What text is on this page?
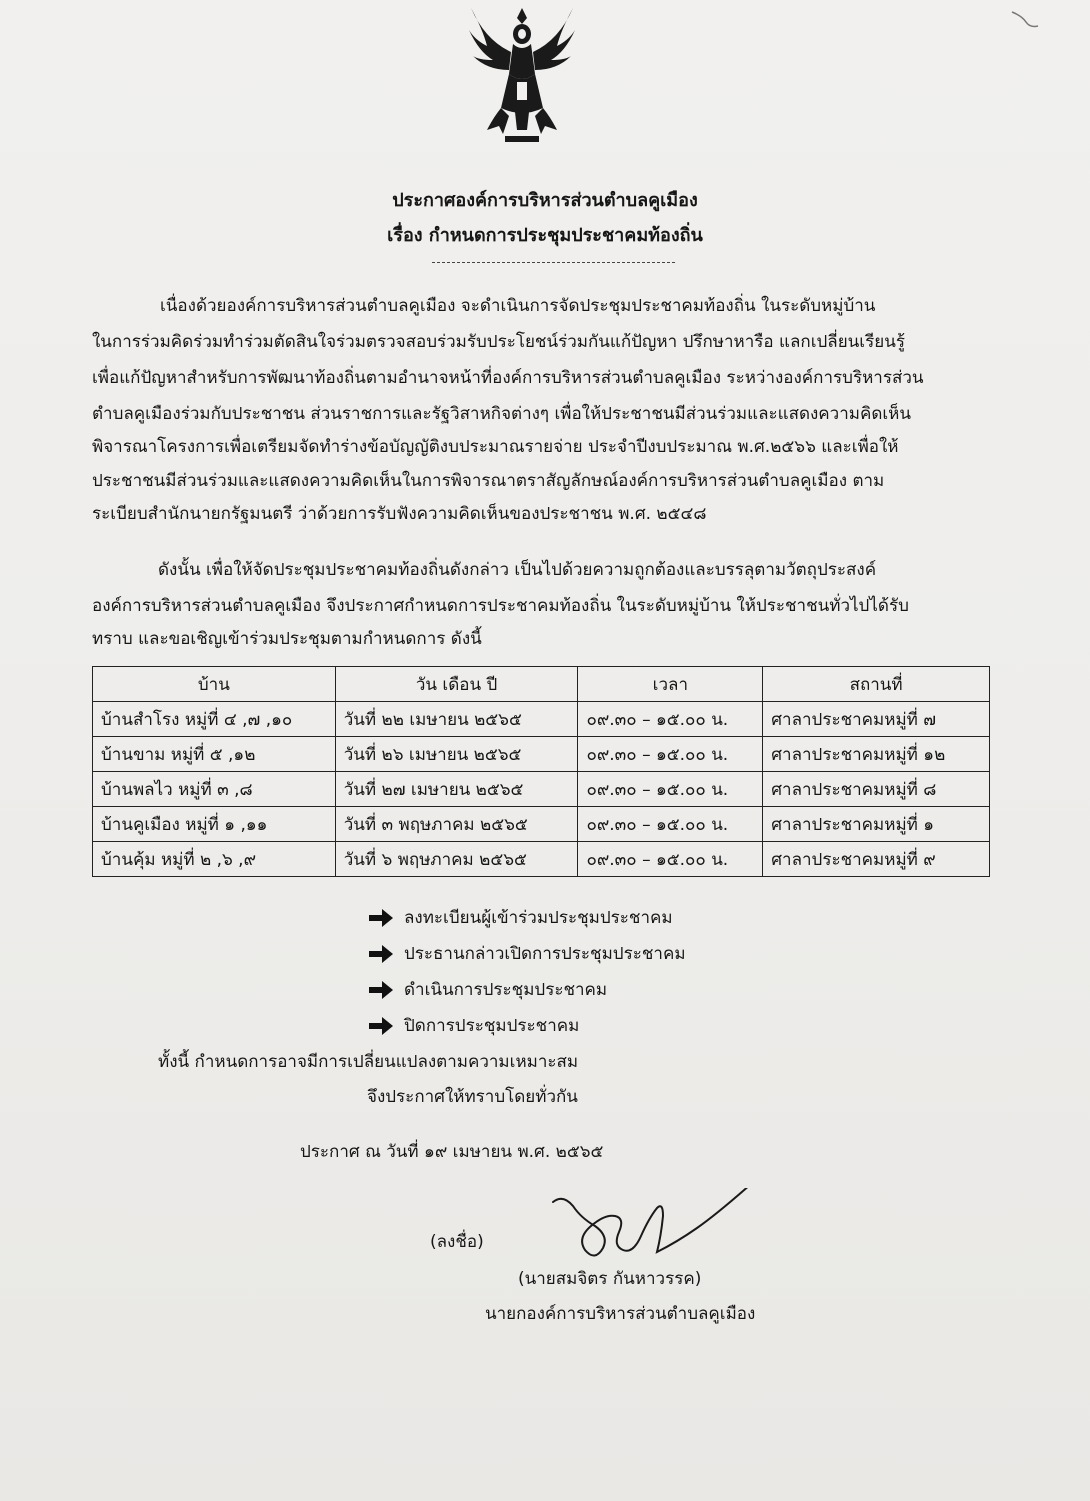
ประกาศองค์การบริหารส่วนตำบลคูเมือง
เรื่อง กำหนดการประชุมประชาคมท้องถิ่น
เนื่องด้วยองค์การบริหารส่วนตำบลคูเมือง จะดำเนินการจัดประชุมประชาคมท้องถิ่น ในระดับหมู่บ้าน
ในการร่วมคิดร่วมทำร่วมตัดสินใจร่วมตรวจสอบร่วมรับประโยชน์ร่วมกันแก้ปัญหา ปรึกษาหารือ แลกเปลี่ยนเรียนรู้
เพื่อแก้ปัญหาสำหรับการพัฒนาท้องถิ่นตามอำนาจหน้าที่องค์การบริหารส่วนตำบลคูเมือง ระหว่างองค์การบริหารส่วน
ตำบลคูเมืองร่วมกับประชาชน ส่วนราชการและรัฐวิสาหกิจต่างๆ เพื่อให้ประชาชนมีส่วนร่วมและแสดงความคิดเห็น
พิจารณาโครงการเพื่อเตรียมจัดทำร่างข้อบัญญัติงบประมาณรายจ่าย ประจำปีงบประมาณ พ.ศ.๒๕๖๖ และเพื่อให้
ประชาชนมีส่วนร่วมและแสดงความคิดเห็นในการพิจารณาตราสัญลักษณ์องค์การบริหารส่วนตำบลคูเมือง ตาม
ระเบียบสำนักนายกรัฐมนตรี ว่าด้วยการรับฟังความคิดเห็นของประชาชน พ.ศ. ๒๕๔๘
ดังนั้น เพื่อให้จัดประชุมประชาคมท้องถิ่นดังกล่าว เป็นไปด้วยความถูกต้องและบรรลุตามวัตถุประสงค์
องค์การบริหารส่วนตำบลคูเมือง จึงประกาศกำหนดการประชาคมท้องถิ่น ในระดับหมู่บ้าน ให้ประชาชนทั่วไปได้รับ
ทราบ และขอเชิญเข้าร่วมประชุมตามกำหนดการ ดังนี้
บ้าน	วัน เดือน ปี	เวลา	สถานที่
บ้านสำโรง หมู่ที่ ๔ ,๗ ,๑๐	วันที่ ๒๒ เมษายน ๒๕๖๕	๐๙.๓๐ – ๑๕.๐๐ น.	ศาลาประชาคมหมู่ที่ ๗
บ้านขาม หมู่ที่ ๕ ,๑๒	วันที่ ๒๖ เมษายน ๒๕๖๕	๐๙.๓๐ – ๑๕.๐๐ น.	ศาลาประชาคมหมู่ที่ ๑๒
บ้านพลไว หมู่ที่ ๓ ,๘	วันที่ ๒๗ เมษายน ๒๕๖๕	๐๙.๓๐ – ๑๕.๐๐ น.	ศาลาประชาคมหมู่ที่ ๘
บ้านคูเมือง หมู่ที่ ๑ ,๑๑	วันที่ ๓ พฤษภาคม ๒๕๖๕	๐๙.๓๐ – ๑๕.๐๐ น.	ศาลาประชาคมหมู่ที่ ๑
บ้านคุ้ม หมู่ที่ ๒ ,๖ ,๙	วันที่ ๖ พฤษภาคม ๒๕๖๕	๐๙.๓๐ – ๑๕.๐๐ น.	ศาลาประชาคมหมู่ที่ ๙
ลงทะเบียนผู้เข้าร่วมประชุมประชาคม
ประธานกล่าวเปิดการประชุมประชาคม
ดำเนินการประชุมประชาคม
ปิดการประชุมประชาคม
ทั้งนี้ กำหนดการอาจมีการเปลี่ยนแปลงตามความเหมาะสม
จึงประกาศให้ทราบโดยทั่วกัน
ประกาศ ณ วันที่ ๑๙ เมษายน พ.ศ. ๒๕๖๕
(ลงชื่อ)
(นายสมจิตร กันหาวรรค)
นายกองค์การบริหารส่วนตำบลคูเมือง
